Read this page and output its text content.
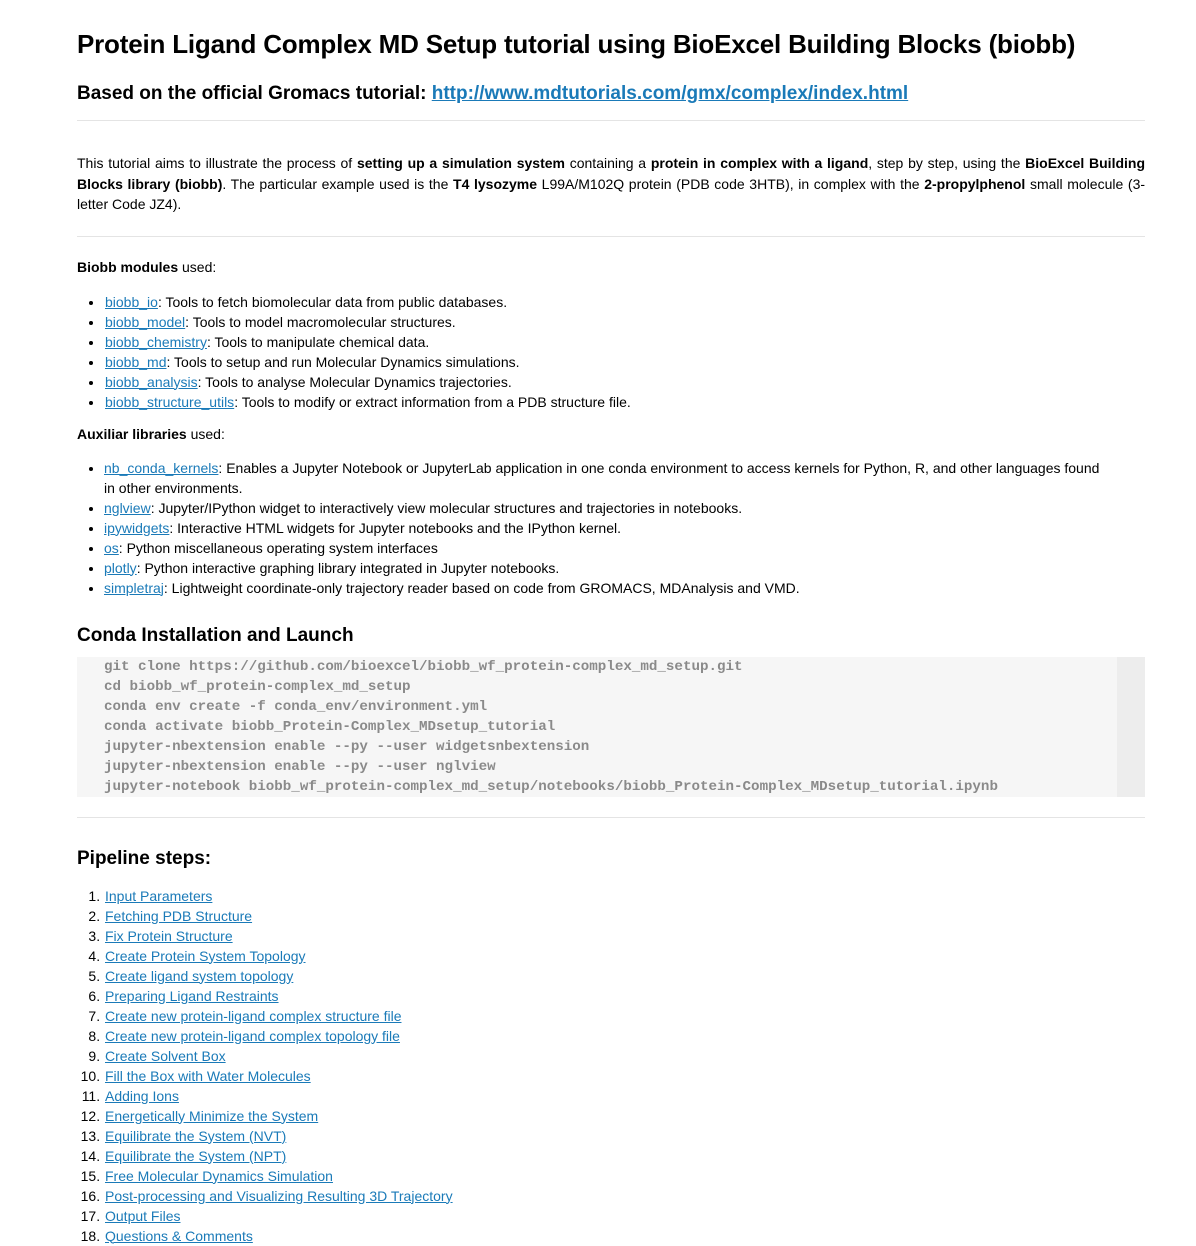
Protein Ligand Complex MD Setup tutorial using BioExcel Building Blocks (biobb)
Based on the official Gromacs tutorial: http://www.mdtutorials.com/gmx/complex/index.html

This tutorial aims to illustrate the process of setting up a simulation system containing a protein in complex with a ligand, step by step, using the BioExcel Building Blocks library (biobb). The particular example used is the T4 lysozyme L99A/M102Q protein (PDB code 3HTB), in complex with the 2-propylphenol small molecule (3-letter Code JZ4).

Biobb modules used:

• biobb_io: Tools to fetch biomolecular data from public databases.
• biobb_model: Tools to model macromolecular structures.
• biobb_chemistry: Tools to manipulate chemical data.
• biobb_md: Tools to setup and run Molecular Dynamics simulations.
• biobb_analysis: Tools to analyse Molecular Dynamics trajectories.
• biobb_structure_utils: Tools to modify or extract information from a PDB structure file.

Auxiliar libraries used:

• nb_conda_kernels: Enables a Jupyter Notebook or JupyterLab application in one conda environment to access kernels for Python, R, and other languages found in other environments.
• nglview: Jupyter/IPython widget to interactively view molecular structures and trajectories in notebooks.
• ipywidgets: Interactive HTML widgets for Jupyter notebooks and the IPython kernel.
• os: Python miscellaneous operating system interfaces
• plotly: Python interactive graphing library integrated in Jupyter notebooks.
• simpletraj: Lightweight coordinate-only trajectory reader based on code from GROMACS, MDAnalysis and VMD.
Conda Installation and Launch
git clone https://github.com/bioexcel/biobb_wf_protein-complex_md_setup.git
cd biobb_wf_protein-complex_md_setup
conda env create -f conda_env/environment.yml
conda activate biobb_Protein-Complex_MDsetup_tutorial
jupyter-nbextension enable --py --user widgetsnbextension
jupyter-nbextension enable --py --user nglview
jupyter-notebook biobb_wf_protein-complex_md_setup/notebooks/biobb_Protein-Complex_MDsetup_tutorial.ipynb
Pipeline steps:
1. Input Parameters
2. Fetching PDB Structure
3. Fix Protein Structure
4. Create Protein System Topology
5. Create ligand system topology
6. Preparing Ligand Restraints
7. Create new protein-ligand complex structure file
8. Create new protein-ligand complex topology file
9. Create Solvent Box
10. Fill the Box with Water Molecules
11. Adding Ions
12. Energetically Minimize the System
13. Equilibrate the System (NVT)
14. Equilibrate the System (NPT)
15. Free Molecular Dynamics Simulation
16. Post-processing and Visualizing Resulting 3D Trajectory
17. Output Files
18. Questions & Comments
